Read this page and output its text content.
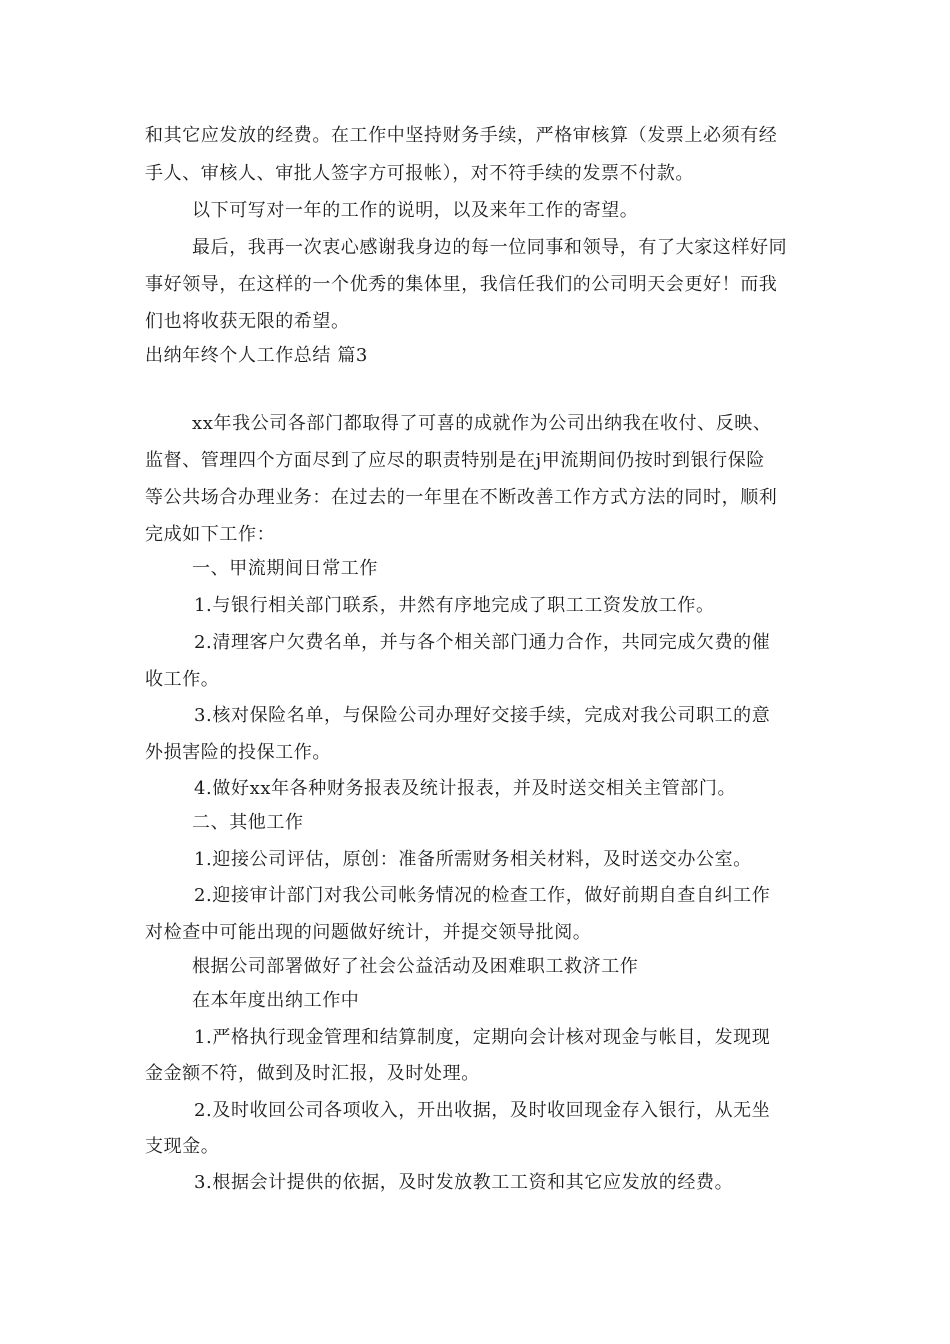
和其它应发放的经费。在工作中坚持财务手续，严格审核算（发票上必须有经
手人、审核人、审批人签字方可报帐），对不符手续的发票不付款。
以下可写对一年的工作的说明，以及来年工作的寄望。
最后，我再一次衷心感谢我身边的每一位同事和领导，有了大家这样好同
事好领导，在这样的一个优秀的集体里，我信任我们的公司明天会更好！而我
们也将收获无限的希望。
出纳年终个人工作总结 篇3
xx年我公司各部门都取得了可喜的成就作为公司出纳我在收付、反映、
监督、管理四个方面尽到了应尽的职责特别是在j甲流期间仍按时到银行保险
等公共场合办理业务：在过去的一年里在不断改善工作方式方法的同时，顺利
完成如下工作：
一、甲流期间日常工作
1.与银行相关部门联系，井然有序地完成了职工工资发放工作。
2.清理客户欠费名单，并与各个相关部门通力合作，共同完成欠费的催
收工作。
3.核对保险名单，与保险公司办理好交接手续，完成对我公司职工的意
外损害险的投保工作。
4.做好xx年各种财务报表及统计报表，并及时送交相关主管部门。
二、其他工作
1.迎接公司评估，原创：准备所需财务相关材料，及时送交办公室。
2.迎接审计部门对我公司帐务情况的检查工作，做好前期自查自纠工作
对检查中可能出现的问题做好统计，并提交领导批阅。
根据公司部署做好了社会公益活动及困难职工救济工作
在本年度出纳工作中
1.严格执行现金管理和结算制度，定期向会计核对现金与帐目，发现现
金金额不符，做到及时汇报，及时处理。
2.及时收回公司各项收入，开出收据，及时收回现金存入银行，从无坐
支现金。
3.根据会计提供的依据，及时发放教工工资和其它应发放的经费。
